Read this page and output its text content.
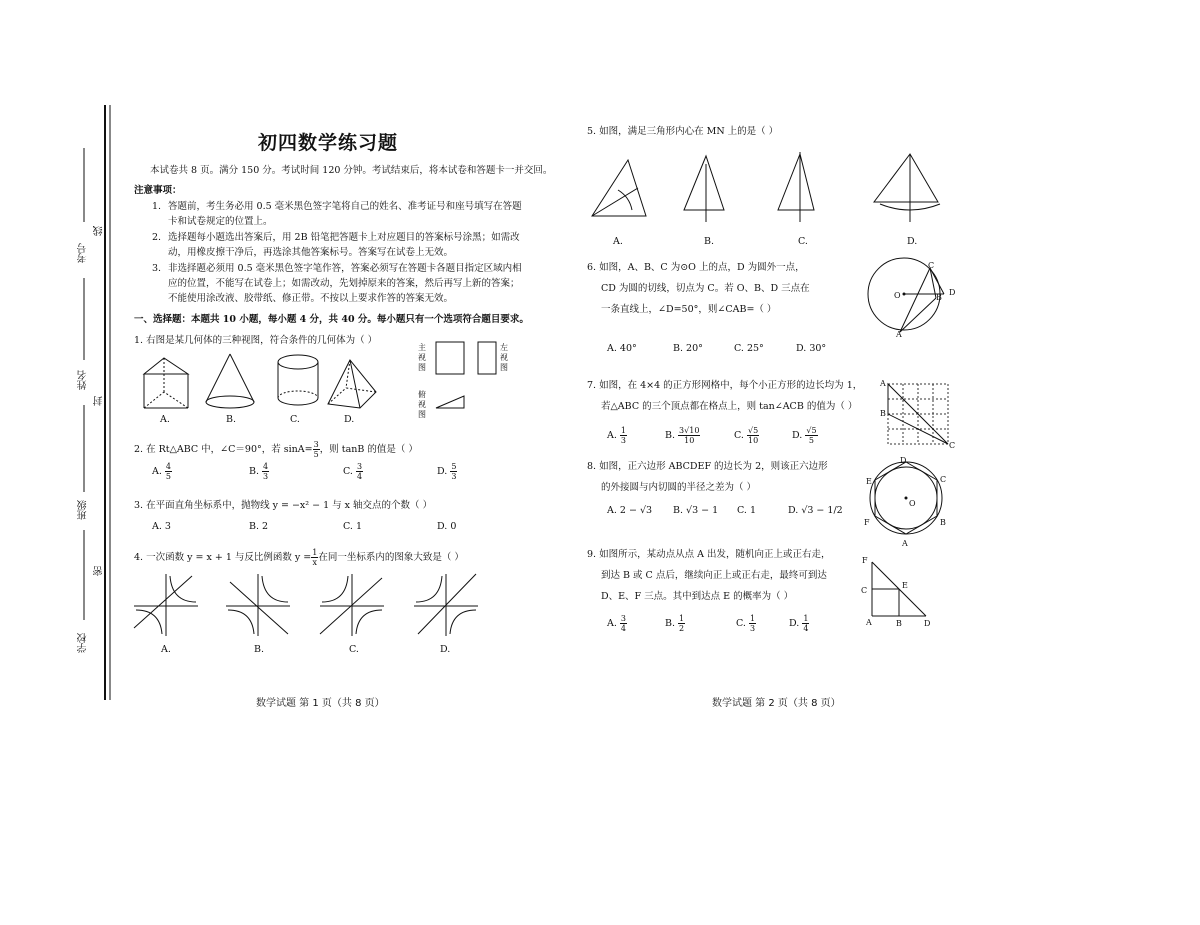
考号
线
姓名
封
班级
密
学校
初四数学练习题
本试卷共 8 页。满分 150 分。考试时间 120 分钟。考试结束后，将本试卷和答题卡一并交回。
注意事项：
1. 答题前，考生务必用 0.5 毫米黑色签字笔将自己的姓名、准考证号和座号填写在答题
卡和试卷规定的位置上。
2. 选择题每小题选出答案后，用 2B 铅笔把答题卡上对应题目的答案标号涂黑；如需改
动，用橡皮擦干净后，再选涂其他答案标号。答案写在试卷上无效。
3. 非选择题必须用 0.5 毫米黑色签字笔作答，答案必须写在答题卡各题目指定区域内相
应的位置，不能写在试卷上；如需改动，先划掉原来的答案，然后再写上新的答案；
不能使用涂改液、胶带纸、修正带。不按以上要求作答的答案无效。
一、选择题：本题共 10 小题，每小题 4 分，共 40 分。每小题只有一个选项符合题目要求。
1. 右图是某几何体的三种视图，符合条件的几何体为（ ）
主视图
左视图
俯视图
A.	B.	C.	D.
2. 在 Rt△ABC 中，∠C＝90°，若 $\sin A= \frac{3}{5}$ ，则 tanB 的值是（ ）
A. $\frac{4}{5}$	B. $\frac{4}{3}$	C. $\frac{3}{4}$	D. $\frac{5}{3}$
3. 在平面直角坐标系中，抛物线 y = −x² − 1 与 x 轴交点的个数（ ）
A. 3	B. 2	C. 1	D. 0
4. 一次函数 y = x + 1 与反比例函数 $y = \frac{1}{x}$ 在同一坐标系内的图象大致是（ ）
A.	B.	C.	D.
数学试题 第 1 页（共 8 页）
5. 如图，满足三角形内心在 MN 上的是（ ）
A.	B.	C.	D.
6. 如图，A、B、C 为⊙O 上的点，D 为圆外一点，
CD 为圆的切线，切点为 C。若 O、B、D 三点在
一条直线上，∠D=50°，则∠CAB=（ ）
C
O	B
D
A
A. 40°	B. 20°	C. 25°	D. 30°
7. 如图，在 4×4 的正方形网格中，每个小正方形的边长均为 1，
若△ABC 的三个顶点都在格点上，则 tan∠ACB 的值为（ ）
A
B
C
A. $\frac{1}{3}$	B. $\frac{3√10}{10}$	C. $\frac{√5}{10}$	D. $\frac{√5}{5}$
8. 如图，正六边形 ABCDEF 的边长为 2，则该正六边形
的外接圆与内切圆的半径之差为（ ）
D
C
E
O
F	B
A
A. 2 − √3 B. √3 − 1 C. 1	D. √3 − 1/2
9. 如图所示，某动点从点 A 出发，随机向正上或正右走，
到达 B 或 C 点后，继续向正上或正右走，最终可到达
D、E、F 三点。其中到达点 E 的概率为（ ）
F
E
C
A	B	D
A. $\frac{3}{4}$	B. $\frac{1}{2}$	C. $\frac{1}{3}$	D. $\frac{1}{4}$
数学试题 第 2 页（共 8 页）
